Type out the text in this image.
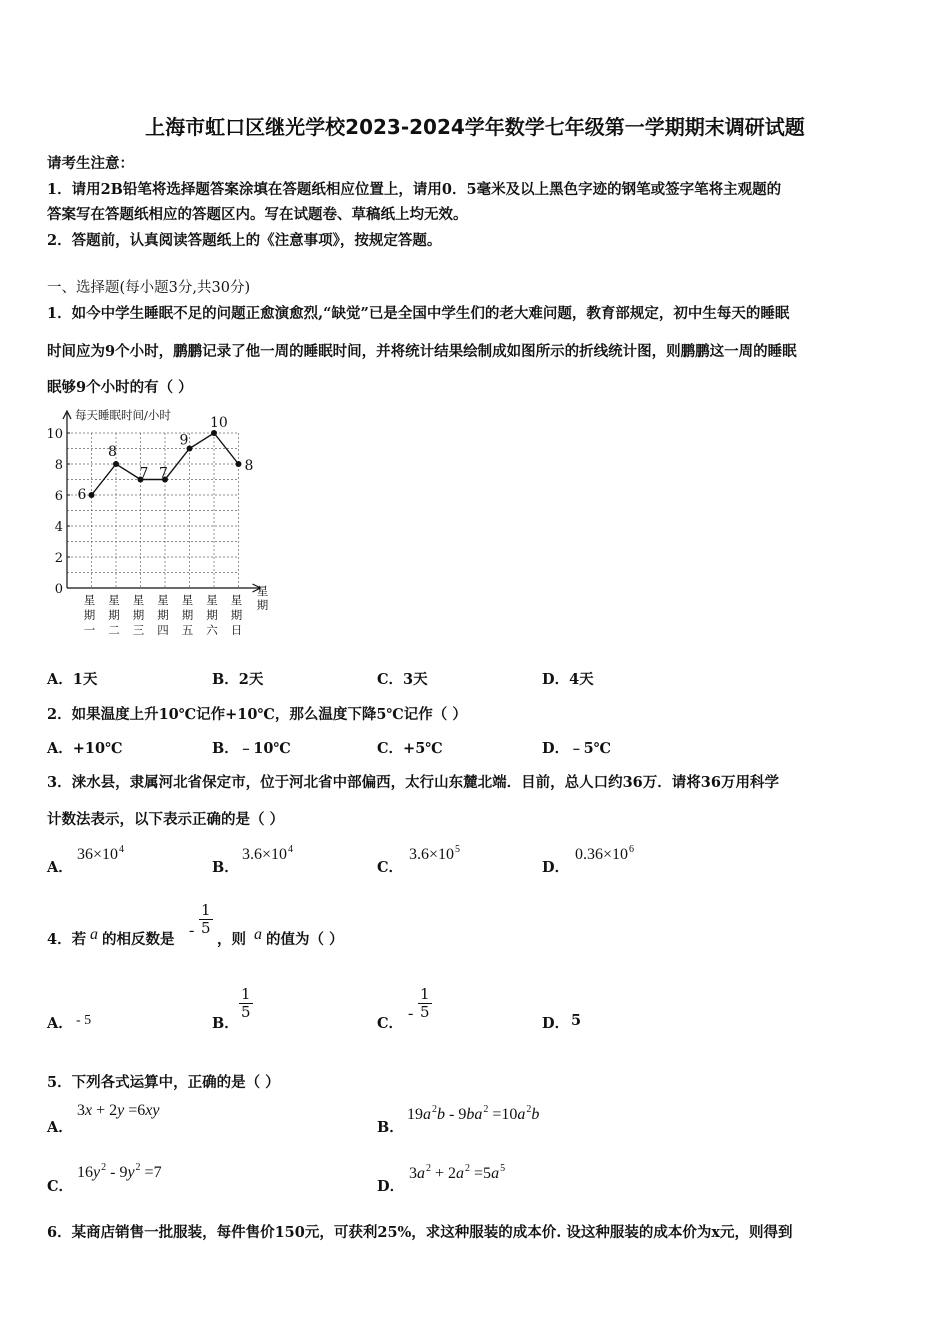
上海市虹口区继光学校2023-2024学年数学七年级第一学期期末调研试题
请考生注意：
1．请用2B铅笔将选择题答案涂填在答题纸相应位置上，请用0．5毫米及以上黑色字迹的钢笔或签字笔将主观题的
答案写在答题纸相应的答题区内。写在试题卷、草稿纸上均无效。
2．答题前，认真阅读答题纸上的《注意事项》，按规定答题。
一、选择题(每小题3分,共30分)
1．如今中学生睡眠不足的问题正愈演愈烈,“缺觉”已是全国中学生们的老大难问题，教育部规定，初中生每天的睡眠
时间应为9个小时，鹏鹏记录了他一周的睡眠时间，并将统计结果绘制成如图所示的折线统计图，则鹏鹏这一周的睡眠
眠够9个小时的有（ ）
0
2
4
6
8
10
每天睡眠时间/小时
星
期
星
期
一
星
期
二
星
期
三
星
期
四
星
期
五
星
期
六
星
期
日
6
8
7 7
9
10
8
A．1天	B．2天	C．3天	D．4天
2．如果温度上升10℃记作+10℃，那么温度下降5℃记作（ ）
A．+10℃	B．﹣10℃	C．+5℃	D．﹣5℃
3．涞水县，隶属河北省保定市，位于河北省中部偏西，太行山东麓北端．目前，总人口约36万．请将36万用科学
计数法表示，以下表示正确的是（ ）
A．
$36\times 10^4$
B．
$3.6\times 10^4$
C．
$3.6\times 10^5$
D．
$0.36\times 10^6$
4．若 a 的相反数是
- $\frac{1}{5}$
，则 a 的值为（ ）
A． - 5	B．
$\frac{1}{5}$
C．
- $\frac{1}{5}$
D． 5
5．下列各式运算中，正确的是（ ）
A．
3x + 2y =6xy
B．
$19a^2b - 9ba^2 =10a^2b$
C．
$16y^2 - 9y^2 =7$
D．
$3a^2 + 2a^2 =5a^5$
6．某商店销售一批服装，每件售价150元，可获利25%，求这种服装的成本价. 设这种服装的成本价为x元，则得到
